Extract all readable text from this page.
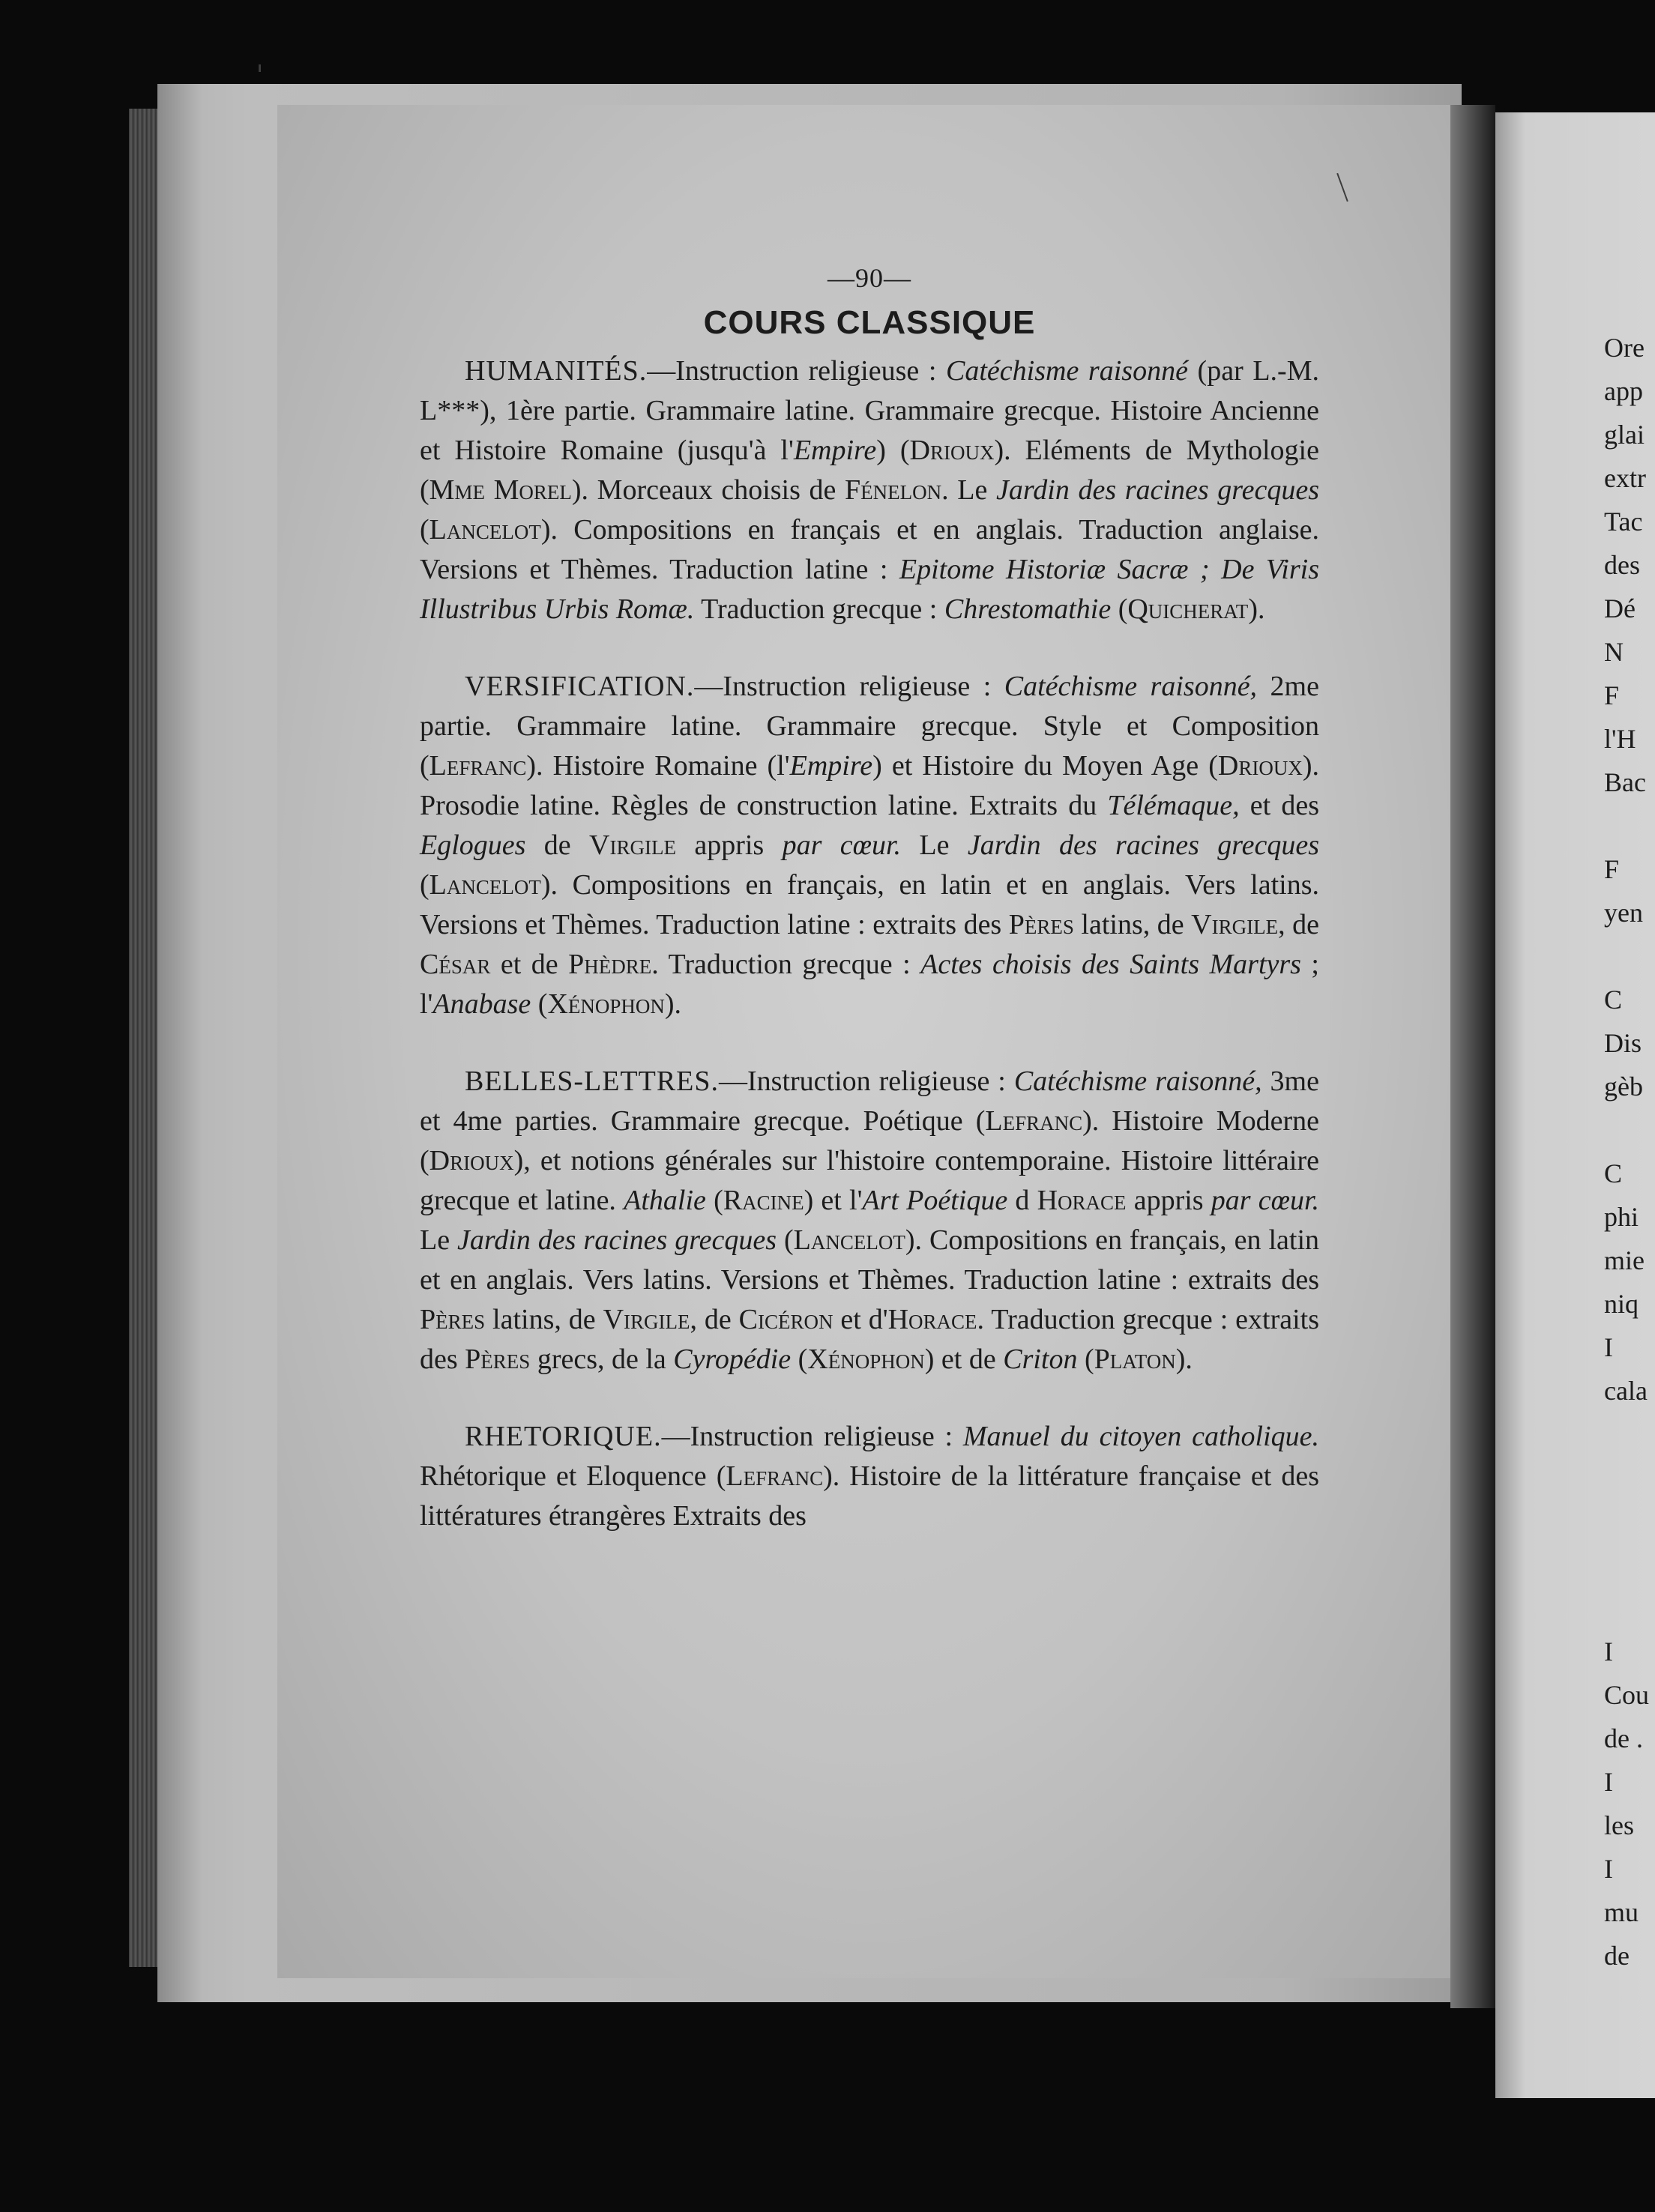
—90—
COURS CLASSIQUE

HUMANITÉS.—Instruction religieuse : Catéchisme raisonné (par L.-M. L***), 1ère partie. Grammaire latine. Grammaire grecque. Histoire Ancienne et Histoire Romaine (jusqu'à l'Empire) (Drioux). Eléments de Mythologie (Mme Morel). Morceaux choisis de Fénelon. Le Jardin des racines grecques (Lancelot). Compositions en français et en anglais. Traduction anglaise. Versions et Thèmes. Traduction latine : Epitome Historiæ Sacræ ; De Viris Illustribus Urbis Romæ. Traduction grecque : Chrestomathie (Quicherat).

VERSIFICATION.—Instruction religieuse : Catéchisme raisonné, 2me partie. Grammaire latine. Grammaire grecque. Style et Composition (Lefranc). Histoire Romaine (l'Empire) et Histoire du Moyen Age (Drioux). Prosodie latine. Règles de construction latine. Extraits du Télémaque, et des Eglogues de Virgile appris par cœur. Le Jardin des racines grecques (Lancelot). Compositions en français, en latin et en anglais. Vers latins. Versions et Thèmes. Traduction latine : extraits des Pères latins, de Virgile, de César et de Phèdre. Traduction grecque : Actes choisis des Saints Martyrs ; l'Anabase (Xénophon).

BELLES-LETTRES.—Instruction religieuse : Catéchisme raisonné, 3me et 4me parties. Grammaire grecque. Poétique (Lefranc). Histoire Moderne (Drioux), et notions générales sur l'histoire contemporaine. Histoire littéraire grecque et latine. Athalie (Racine) et l'Art Poétique d Horace appris par cœur. Le Jardin des racines grecques (Lancelot). Compositions en français, en latin et en anglais. Vers latins. Versions et Thèmes. Traduction latine : extraits des Pères latins, de Virgile, de Cicéron et d'Horace. Traduction grecque : extraits des Pères grecs, de la Cyropédie (Xénophon) et de Criton (Platon).

RHETORIQUE.—Instruction religieuse : Manuel du citoyen catholique. Rhétorique et Eloquence (Lefranc). Histoire de la littérature française et des littératures étrangères Extraits des

Ore
app
glai
extr
Tac
des
Dé
N
F
l'H
Bac
F
yen
C
Dis
gèb
C
phi
mie
niq
I
cala
I
Cou
de .
I
les
I
mu
de
